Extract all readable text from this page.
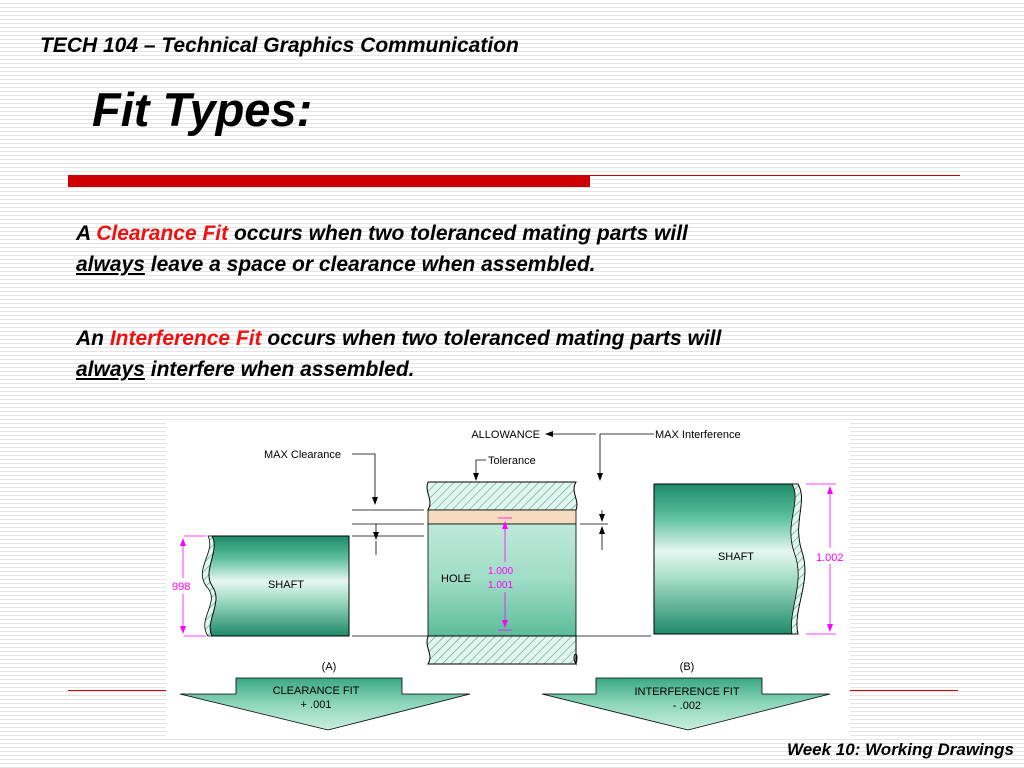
TECH 104 – Technical Graphics Communication
Fit Types:
A Clearance Fit occurs when two toleranced mating parts will
always leave a space or clearance when assembled.
An Interference Fit occurs when two toleranced mating parts will
always interfere when assembled.
SHAFT
998
HOLE
1.000
1.001
SHAFT	1.002
ALLOWANCE
MAX Clearance
MAX Interference
Tolerance
(A)	(B)
CLEARANCE FIT
+ .001
INTERFERENCE FIT
- .002
Week 10: Working Drawings
